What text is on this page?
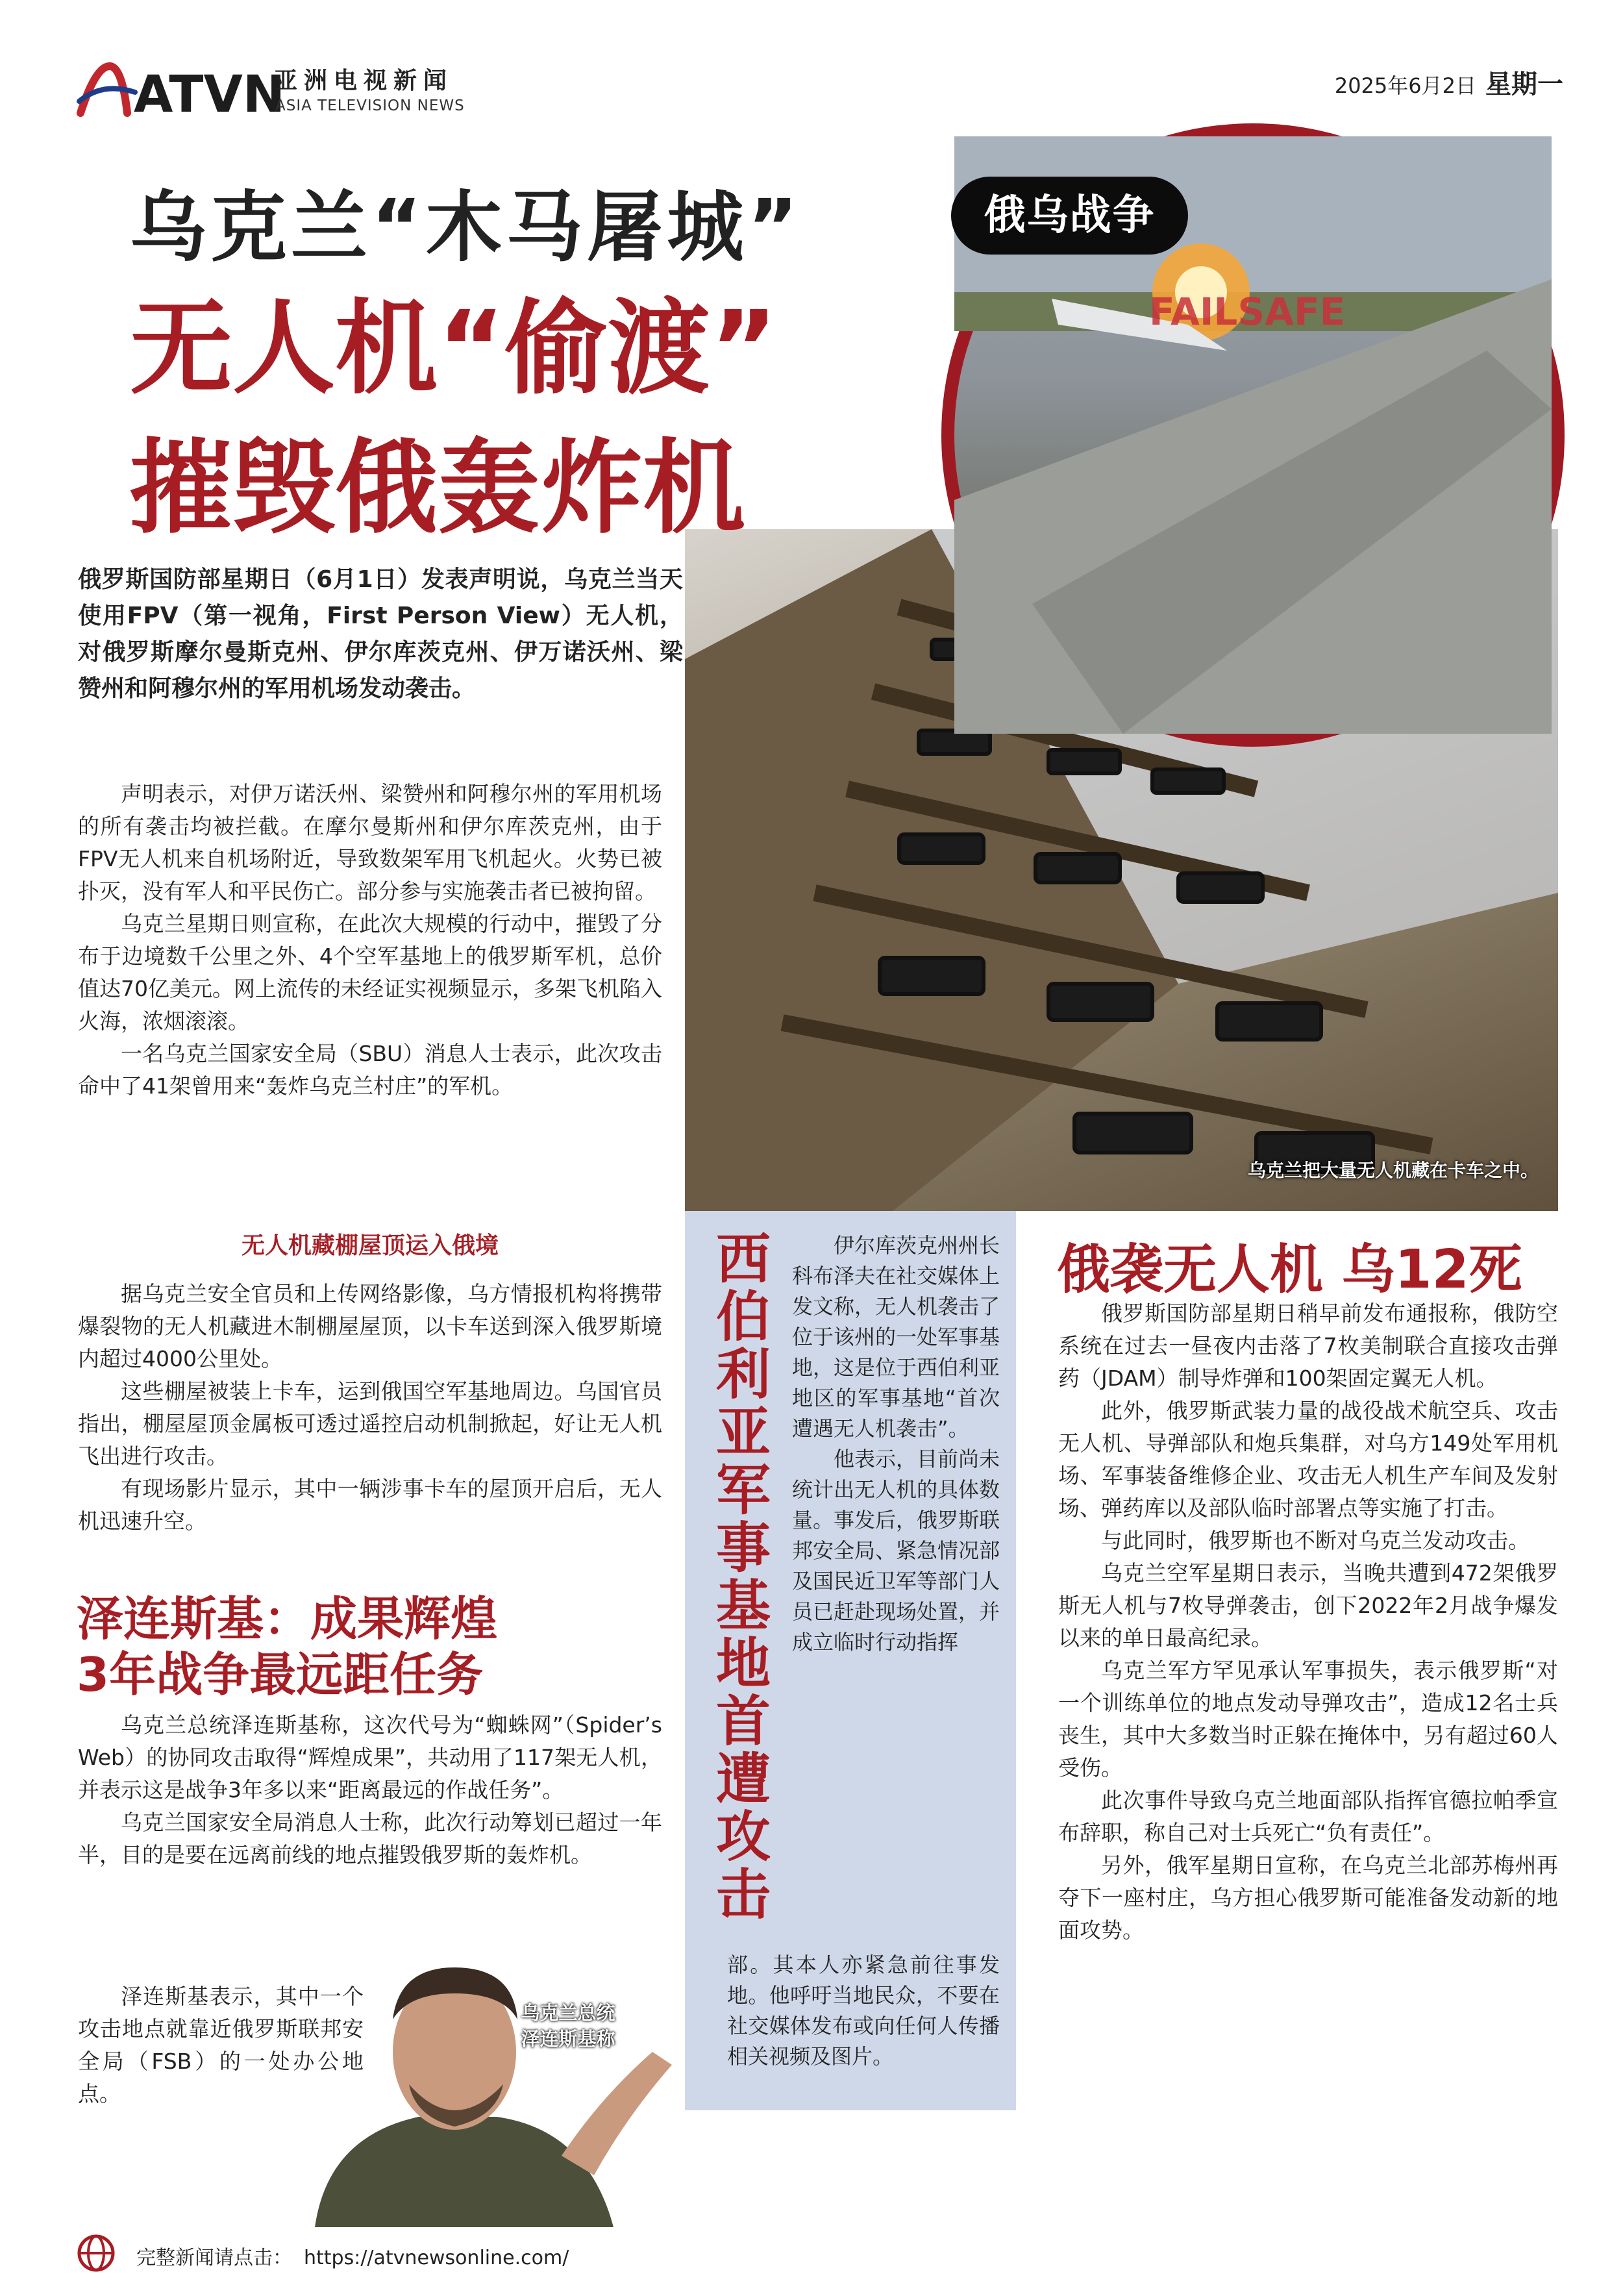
ATVN
亚洲电视新闻
ASIA TELEVISION NEWS
2025年6月2日 星期一
乌克兰把大量无人机藏在卡车之中。
FAILSAFE
乌克兰“木马屠城”
无人机“偷渡”
摧毁俄轰炸机
俄乌战争
俄罗斯国防部星期日（6月1日）发表声明说，乌克兰当天使用FPV（第一视角，First Person View）无人机，对俄罗斯摩尔曼斯克州、伊尔库茨克州、伊万诺沃州、梁赞州和阿穆尔州的军用机场发动袭击。

声明表示，对伊万诺沃州、梁赞州和阿穆尔州的军用机场的所有袭击均被拦截。在摩尔曼斯州和伊尔库茨克州，由于FPV无人机来自机场附近，导致数架军用飞机起火。火势已被扑灭，没有军人和平民伤亡。部分参与实施袭击者已被拘留。

乌克兰星期日则宣称，在此次大规模的行动中，摧毁了分布于边境数千公里之外、4个空军基地上的俄罗斯军机，总价值达70亿美元。网上流传的未经证实视频显示，多架飞机陷入火海，浓烟滚滚。

一名乌克兰国家安全局（SBU）消息人士表示，此次攻击命中了41架曾用来“轰炸乌克兰村庄”的军机。

无人机藏棚屋顶运入俄境

据乌克兰安全官员和上传网络影像，乌方情报机构将携带爆裂物的无人机藏进木制棚屋屋顶，以卡车送到深入俄罗斯境内超过4000公里处。

这些棚屋被装上卡车，运到俄国空军基地周边。乌国官员指出，棚屋屋顶金属板可透过遥控启动机制掀起，好让无人机飞出进行攻击。

有现场影片显示，其中一辆涉事卡车的屋顶开启后，无人机迅速升空。

泽连斯基：成果辉煌
3年战争最远距任务

乌克兰总统泽连斯基称，这次代号为“蜘蛛网”（Spider’s Web）的协同攻击取得“辉煌成果”，共动用了117架无人机，并表示这是战争3年多以来“距离最远的作战任务”。

乌克兰国家安全局消息人士称，此次行动筹划已超过一年半，目的是要在远离前线的地点摧毁俄罗斯的轰炸机。

泽连斯基表示，其中一个攻击地点就靠近俄罗斯联邦安全局（FSB）的一处办公地点。

乌克兰总统
泽连斯基称
西伯利亚军事基地首遭攻击

伊尔库茨克州州长科布泽夫在社交媒体上发文称，无人机袭击了位于该州的一处军事基地，这是位于西伯利亚地区的军事基地“首次遭遇无人机袭击”。

他表示，目前尚未统计出无人机的具体数量。事发后，俄罗斯联邦安全局、紧急情况部及国民近卫军等部门人员已赶赴现场处置，并成立临时行动指挥

部。其本人亦紧急前往事发地。他呼吁当地民众，不要在社交媒体发布或向任何人传播相关视频及图片。
俄袭无人机 乌12死

俄罗斯国防部星期日稍早前发布通报称，俄防空系统在过去一昼夜内击落了7枚美制联合直接攻击弹药（JDAM）制导炸弹和100架固定翼无人机。

此外，俄罗斯武装力量的战役战术航空兵、攻击无人机、导弹部队和炮兵集群，对乌方149处军用机场、军事装备维修企业、攻击无人机生产车间及发射场、弹药库以及部队临时部署点等实施了打击。

与此同时，俄罗斯也不断对乌克兰发动攻击。

乌克兰空军星期日表示，当晚共遭到472架俄罗斯无人机与7枚导弹袭击，创下2022年2月战争爆发以来的单日最高纪录。

乌克兰军方罕见承认军事损失，表示俄罗斯“对一个训练单位的地点发动导弹攻击”，造成12名士兵丧生，其中大多数当时正躲在掩体中，另有超过60人受伤。

此次事件导致乌克兰地面部队指挥官德拉帕季宣布辞职，称自己对士兵死亡“负有责任”。

另外，俄军星期日宣称，在乌克兰北部苏梅州再夺下一座村庄，乌方担心俄罗斯可能准备发动新的地面攻势。

完整新闻请点击： https://atvnewsonline.com/
